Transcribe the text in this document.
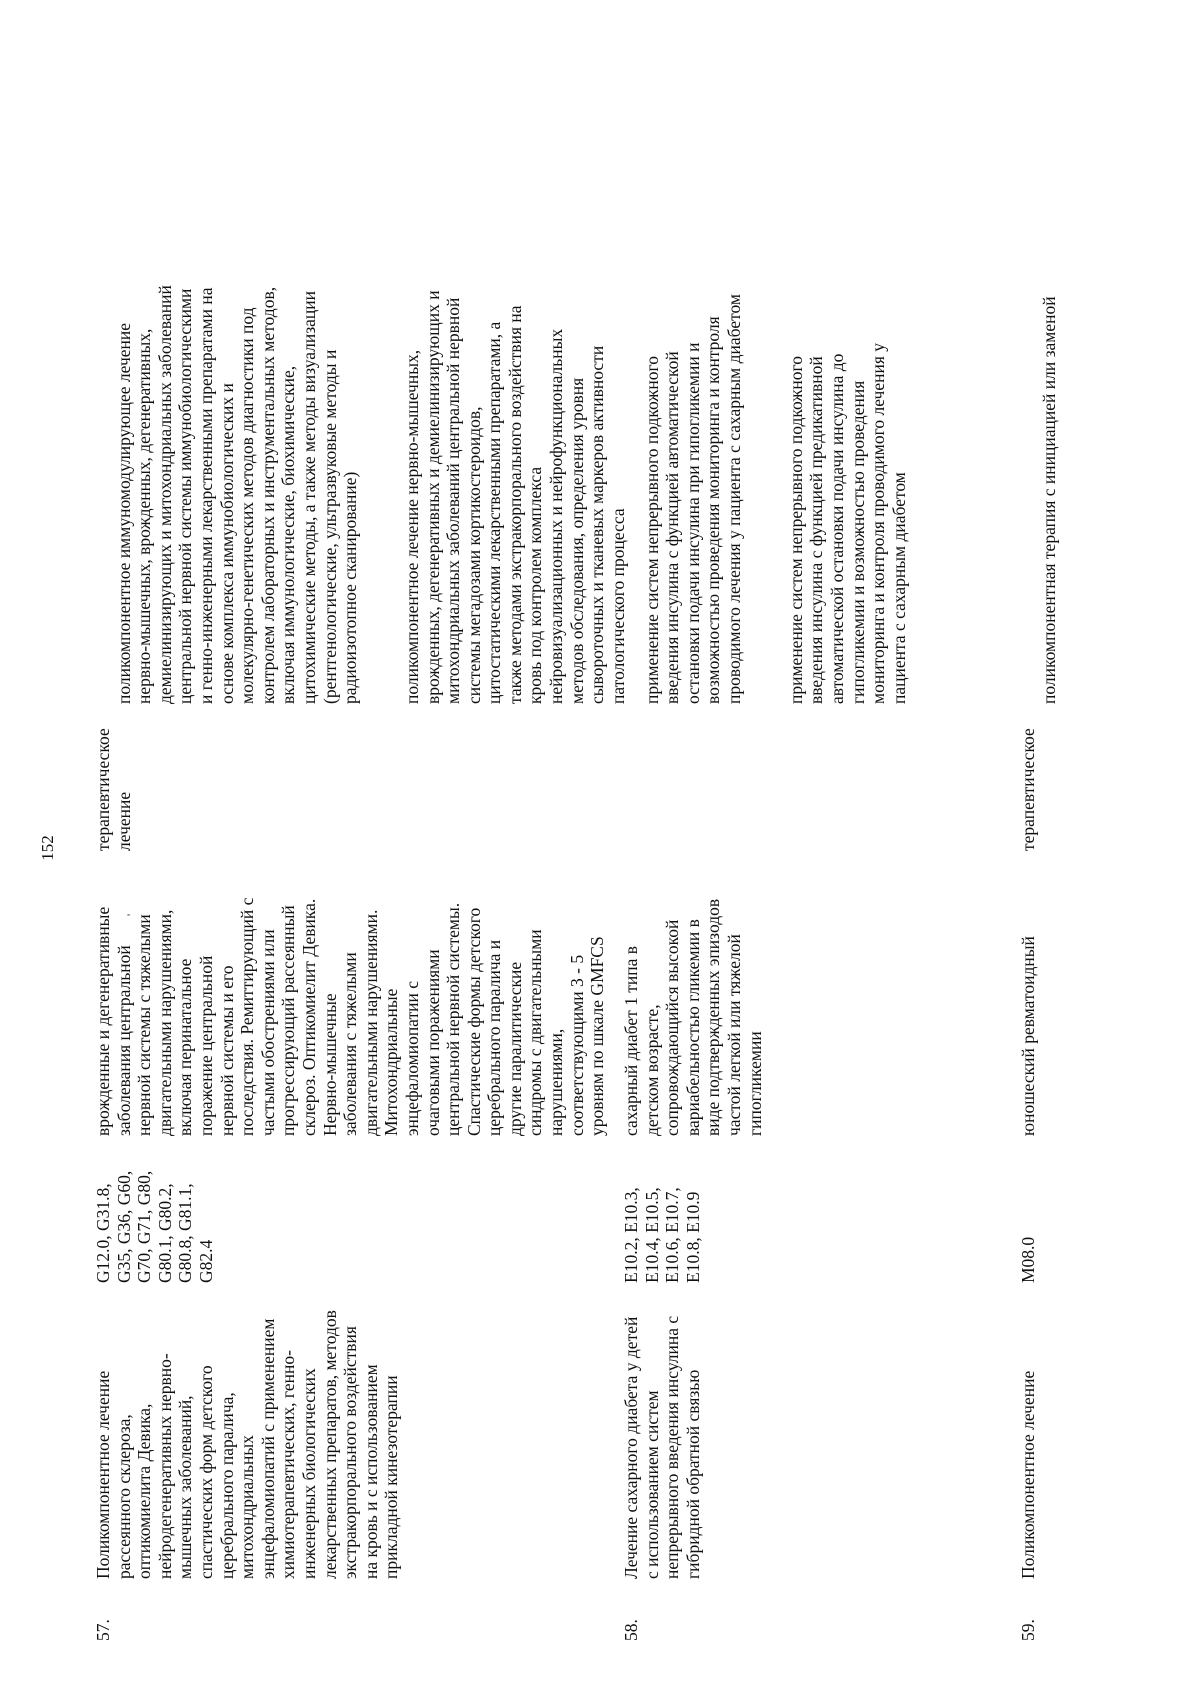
152
'
57.
Поликомпонентное лечение
рассеянного склероза,
оптикомиелита Девика,
нейродегенеративных нервно-
мышечных заболеваний,
спастических форм детского
церебрального паралича,
митохондриальных
энцефаломиопатий с применением
химиотерапевтических, генно-
инженерных биологических
лекарственных препаратов, методов
экстракорпорального воздействия
на кровь и с использованием
прикладной кинезотерапии
G12.0, G31.8,
G35, G36, G60,
G70, G71, G80,
G80.1, G80.2,
G80.8, G81.1,
G82.4
врожденные и дегенеративные
заболевания центральной
нервной системы с тяжелыми
двигательными нарушениями,
включая перинатальное
поражение центральной
нервной системы и его
последствия. Ремиттирующий с
частыми обострениями или
прогрессирующий рассеянный
склероз. Оптикомиелит Девика.
Нервно-мышечные
заболевания с тяжелыми
двигательными нарушениями.
Митохондриальные
энцефаломиопатии с
очаговыми поражениями
центральной нервной системы.
Спастические формы детского
церебрального паралича и
другие паралитические
синдромы с двигательными
нарушениями,
соответствующими 3 - 5
уровням по шкале GMFCS
терапевтическое
лечение

поликомпонентное иммуномодулирующее лечение
нервно-мышечных, врожденных, дегенеративных,
демиелинизирующих и митохондриальных заболеваний
центральной нервной системы иммунобиологическими
и генно-инженерными лекарственными препаратами на
основе комплекса иммунобиологических и
молекулярно-генетических методов диагностики под
контролем лабораторных и инструментальных методов,
включая иммунологические, биохимические,
цитохимические методы, а также методы визуализации
(рентгенологические, ультразвуковые методы и
радиоизотопное сканирование)

поликомпонентное лечение нервно-мышечных,
врожденных, дегенеративных и демиелинизирующих и
митохондриальных заболеваний центральной нервной
системы мегадозами кортикостероидов,
цитостатическими лекарственными препаратами, а
также методами экстракорпорального воздействия на
кровь под контролем комплекса
нейровизуализационных и нейрофункциональных
методов обследования, определения уровня
сывороточных и тканевых маркеров активности
патологического процесса

58.
Лечение сахарного диабета у детей
с использованием систем
непрерывного введения инсулина с
гибридной обратной связью
E10.2, E10.3,
E10.4, E10.5,
E10.6, E10.7,
E10.8, E10.9
сахарный диабет 1 типа в
детском возрасте,
сопровождающийся высокой
вариабельностью гликемии в
виде подтвержденных эпизодов
частой легкой или тяжелой
гипогликемии

применение систем непрерывного подкожного
введения инсулина с функцией автоматической
остановки подачи инсулина при гипогликемии и
возможностью проведения мониторинга и контроля
проводимого лечения у пациента с сахарным диабетом

применение систем непрерывного подкожного
введения инсулина с функцией предикативной
автоматической остановки подачи инсулина до
гипогликемии и возможностью проведения
мониторинга и контроля проводимого лечения у
пациента с сахарным диабетом

59.
Поликомпонентное лечение
M08.0
юношеский ревматоидный
терапевтическое

поликомпонентная терапия с инициацией или заменой
